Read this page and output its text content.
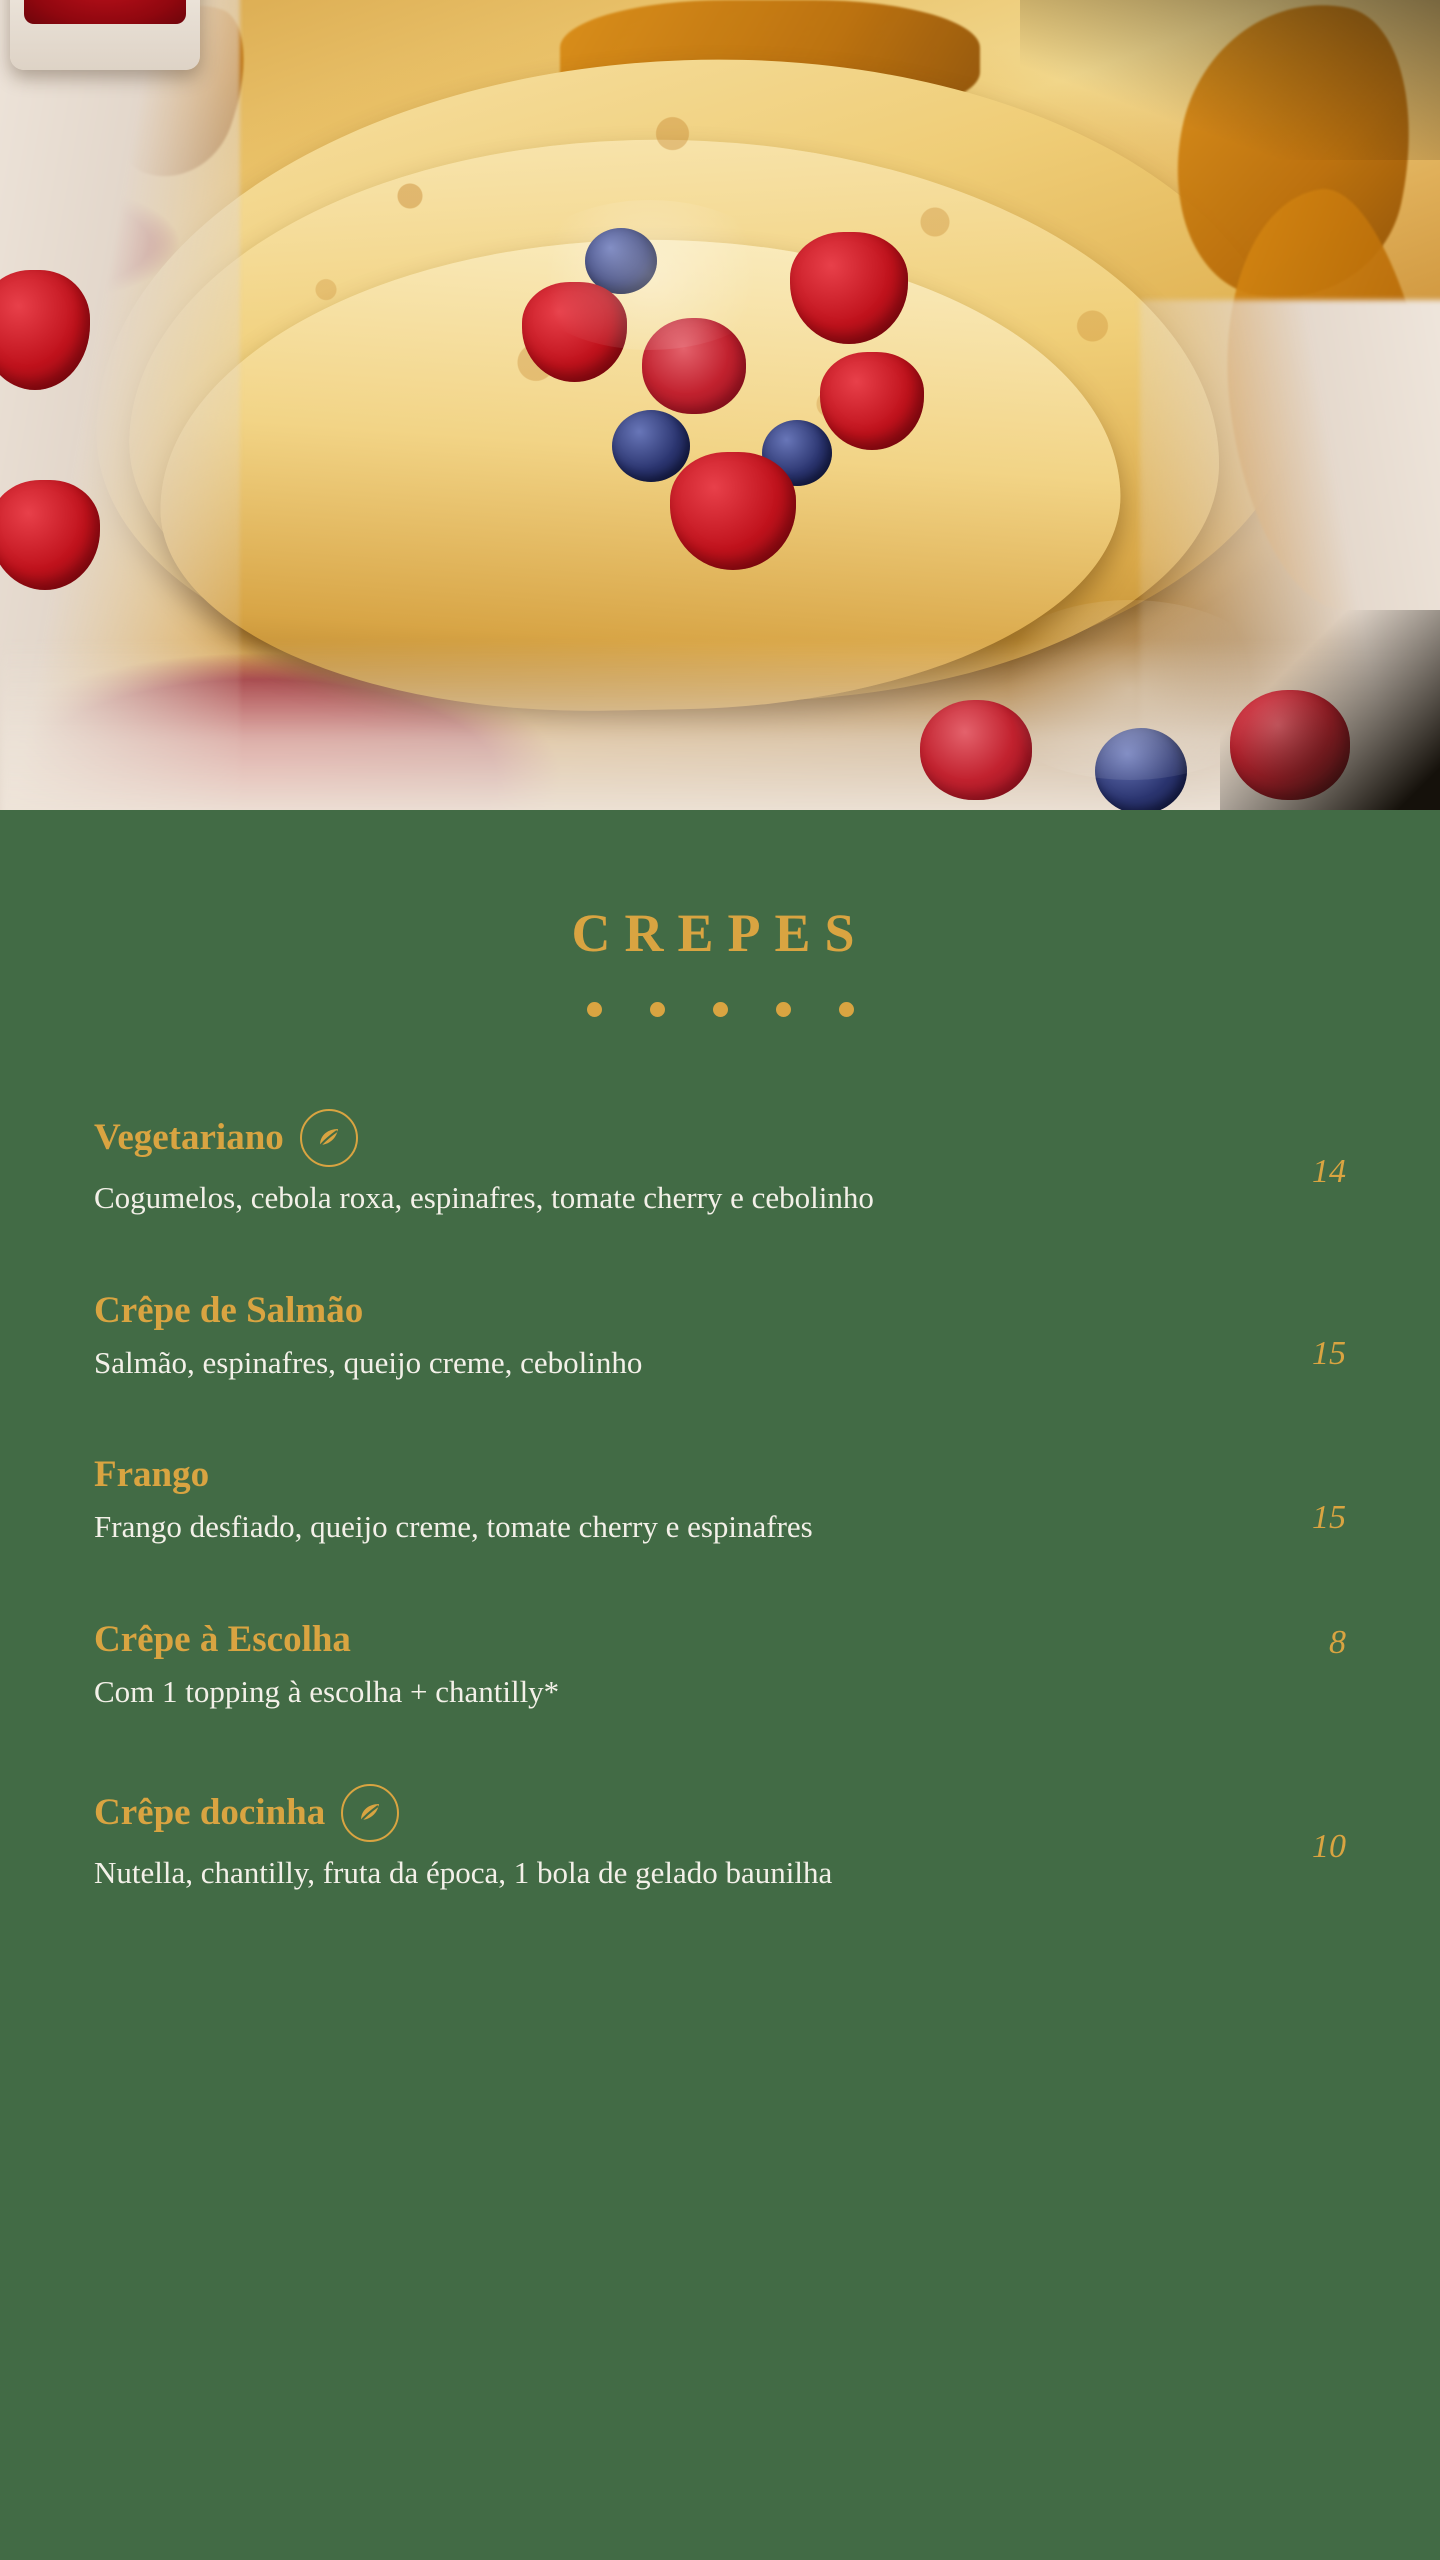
CREPES
Vegetariano
Cogumelos, cebola roxa, espinafres, tomate cherry e cebolinho
14
Crêpe de Salmão
Salmão, espinafres, queijo creme, cebolinho	15
Frango
Frango desfiado, queijo creme, tomate cherry e espinafres	15
Crêpe à Escolha
Com 1 topping à escolha + chantilly*
8
Crêpe docinha
Nutella, chantilly, fruta da época, 1 bola de gelado baunilha
10
